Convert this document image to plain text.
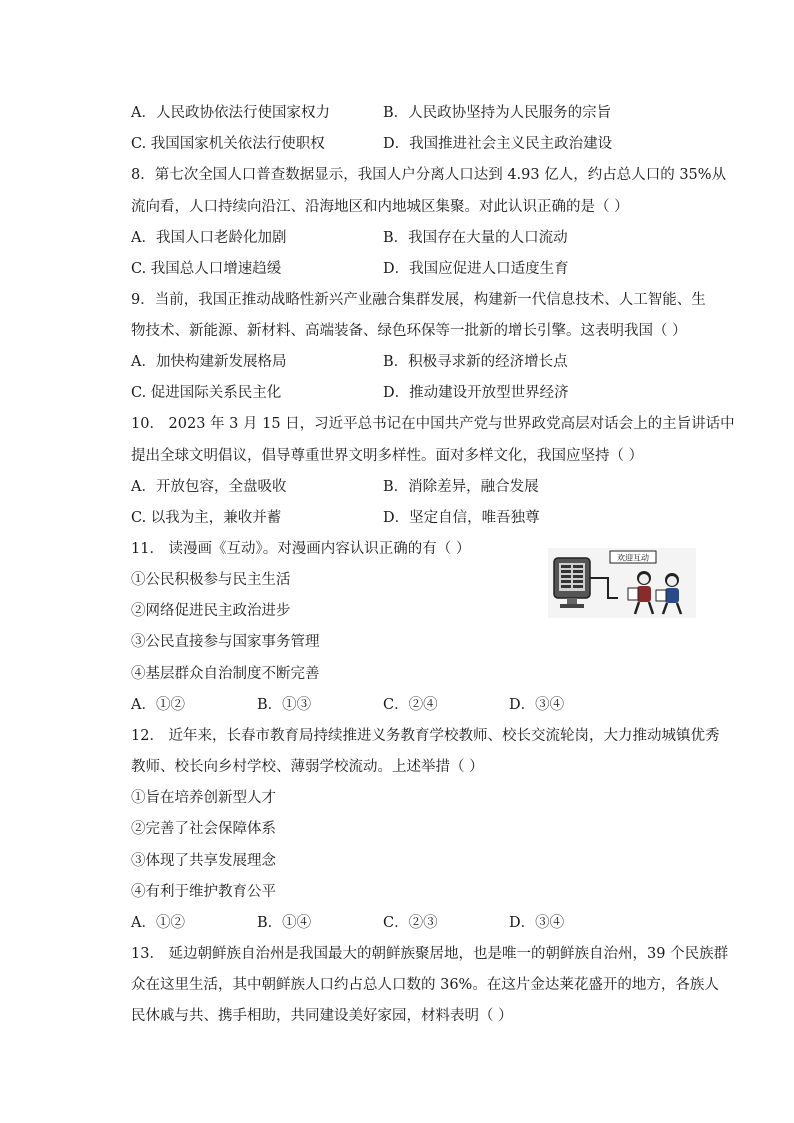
A．人民政协依法行使国家权力	B．人民政协坚持为人民服务的宗旨
C. 我国国家机关依法行使职权	D．我国推进社会主义民主政治建设
8．第七次全国人口普查数据显示，我国人户分离人口达到 4.93 亿人，约占总人口的 35%从
流向看，人口持续向沿江、沿海地区和内地城区集聚。对此认识正确的是（ ）
A．我国人口老龄化加剧	B．我国存在大量的人口流动
C. 我国总人口增速趋缓	D．我国应促进人口适度生育
9．当前，我国正推动战略性新兴产业融合集群发展，构建新一代信息技术、人工智能、生
物技术、新能源、新材料、高端装备、绿色环保等一批新的增长引擎。这表明我国（ ）
A．加快构建新发展格局	B．积极寻求新的经济增长点
C. 促进国际关系民主化	D．推动建设开放型世界经济
10． 2023 年 3 月 15 日，习近平总书记在中国共产党与世界政党高层对话会上的主旨讲话中
提出全球文明倡议，倡导尊重世界文明多样性。面对多样文化，我国应坚持（ ）
A．开放包容，全盘吸收	B．消除差异，融合发展
C. 以我为主，兼收并蓄	D．坚定自信，唯吾独尊
11． 读漫画《互动》。对漫画内容认识正确的有（ ）
①公民积极参与民主生活
②网络促进民主政治进步
③公民直接参与国家事务管理
④基层群众自治制度不断完善
A．①②	B．①③	C．②④	D．③④
欢迎互动
12． 近年来，长春市教育局持续推进义务教育学校教师、校长交流轮岗，大力推动城镇优秀
教师、校长向乡村学校、薄弱学校流动。上述举措（ ）
①旨在培养创新型人才
②完善了社会保障体系
③体现了共享发展理念
④有利于维护教育公平
A．①②	B．①④	C．②③	D．③④
13． 延边朝鲜族自治州是我国最大的朝鲜族聚居地，也是唯一的朝鲜族自治州，39 个民族群
众在这里生活，其中朝鲜族人口约占总人口数的 36%。在这片金达莱花盛开的地方，各族人
民休戚与共、携手相助，共同建设美好家园，材料表明（ ）
